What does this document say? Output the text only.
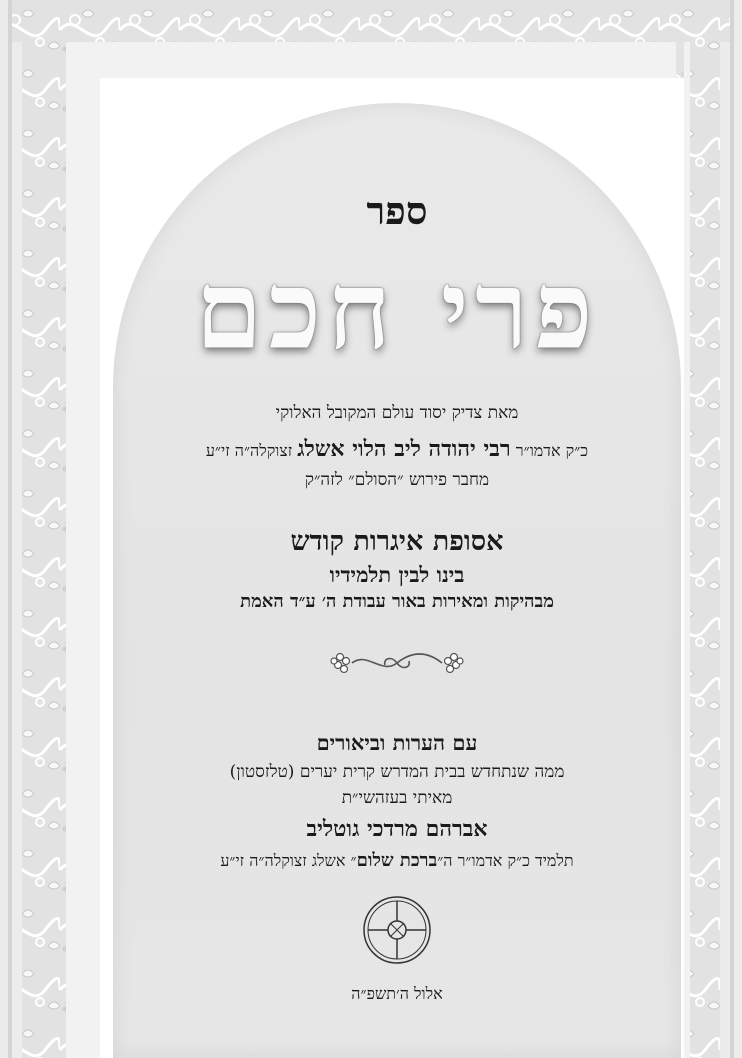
ספר
פרי חכם
מאת צדיק יסוד עולם המקובל האלוקי
כ״ק אדמו״ר רבי יהודה ליב הלוי אשלג זצוקלה״ה זי״ע
מחבר פירוש ״הסולם״ לזה״ק
אסופת איגרות קודש
בינו לבין תלמידיו
מבהיקות ומאירות באור עבודת ה׳ ע״ד האמת
עם הערות וביאורים
ממה שנתחדש בבית המדרש קרית יערים (טלזסטון)
מאיתי בעזהשי״ת
אברהם מרדכי גוטליב
תלמיד כ״ק אדמו״ר ה״ברכת שלום״ אשלג זצוקלה״ה זי״ע
אלול ה׳תשפ״ה
